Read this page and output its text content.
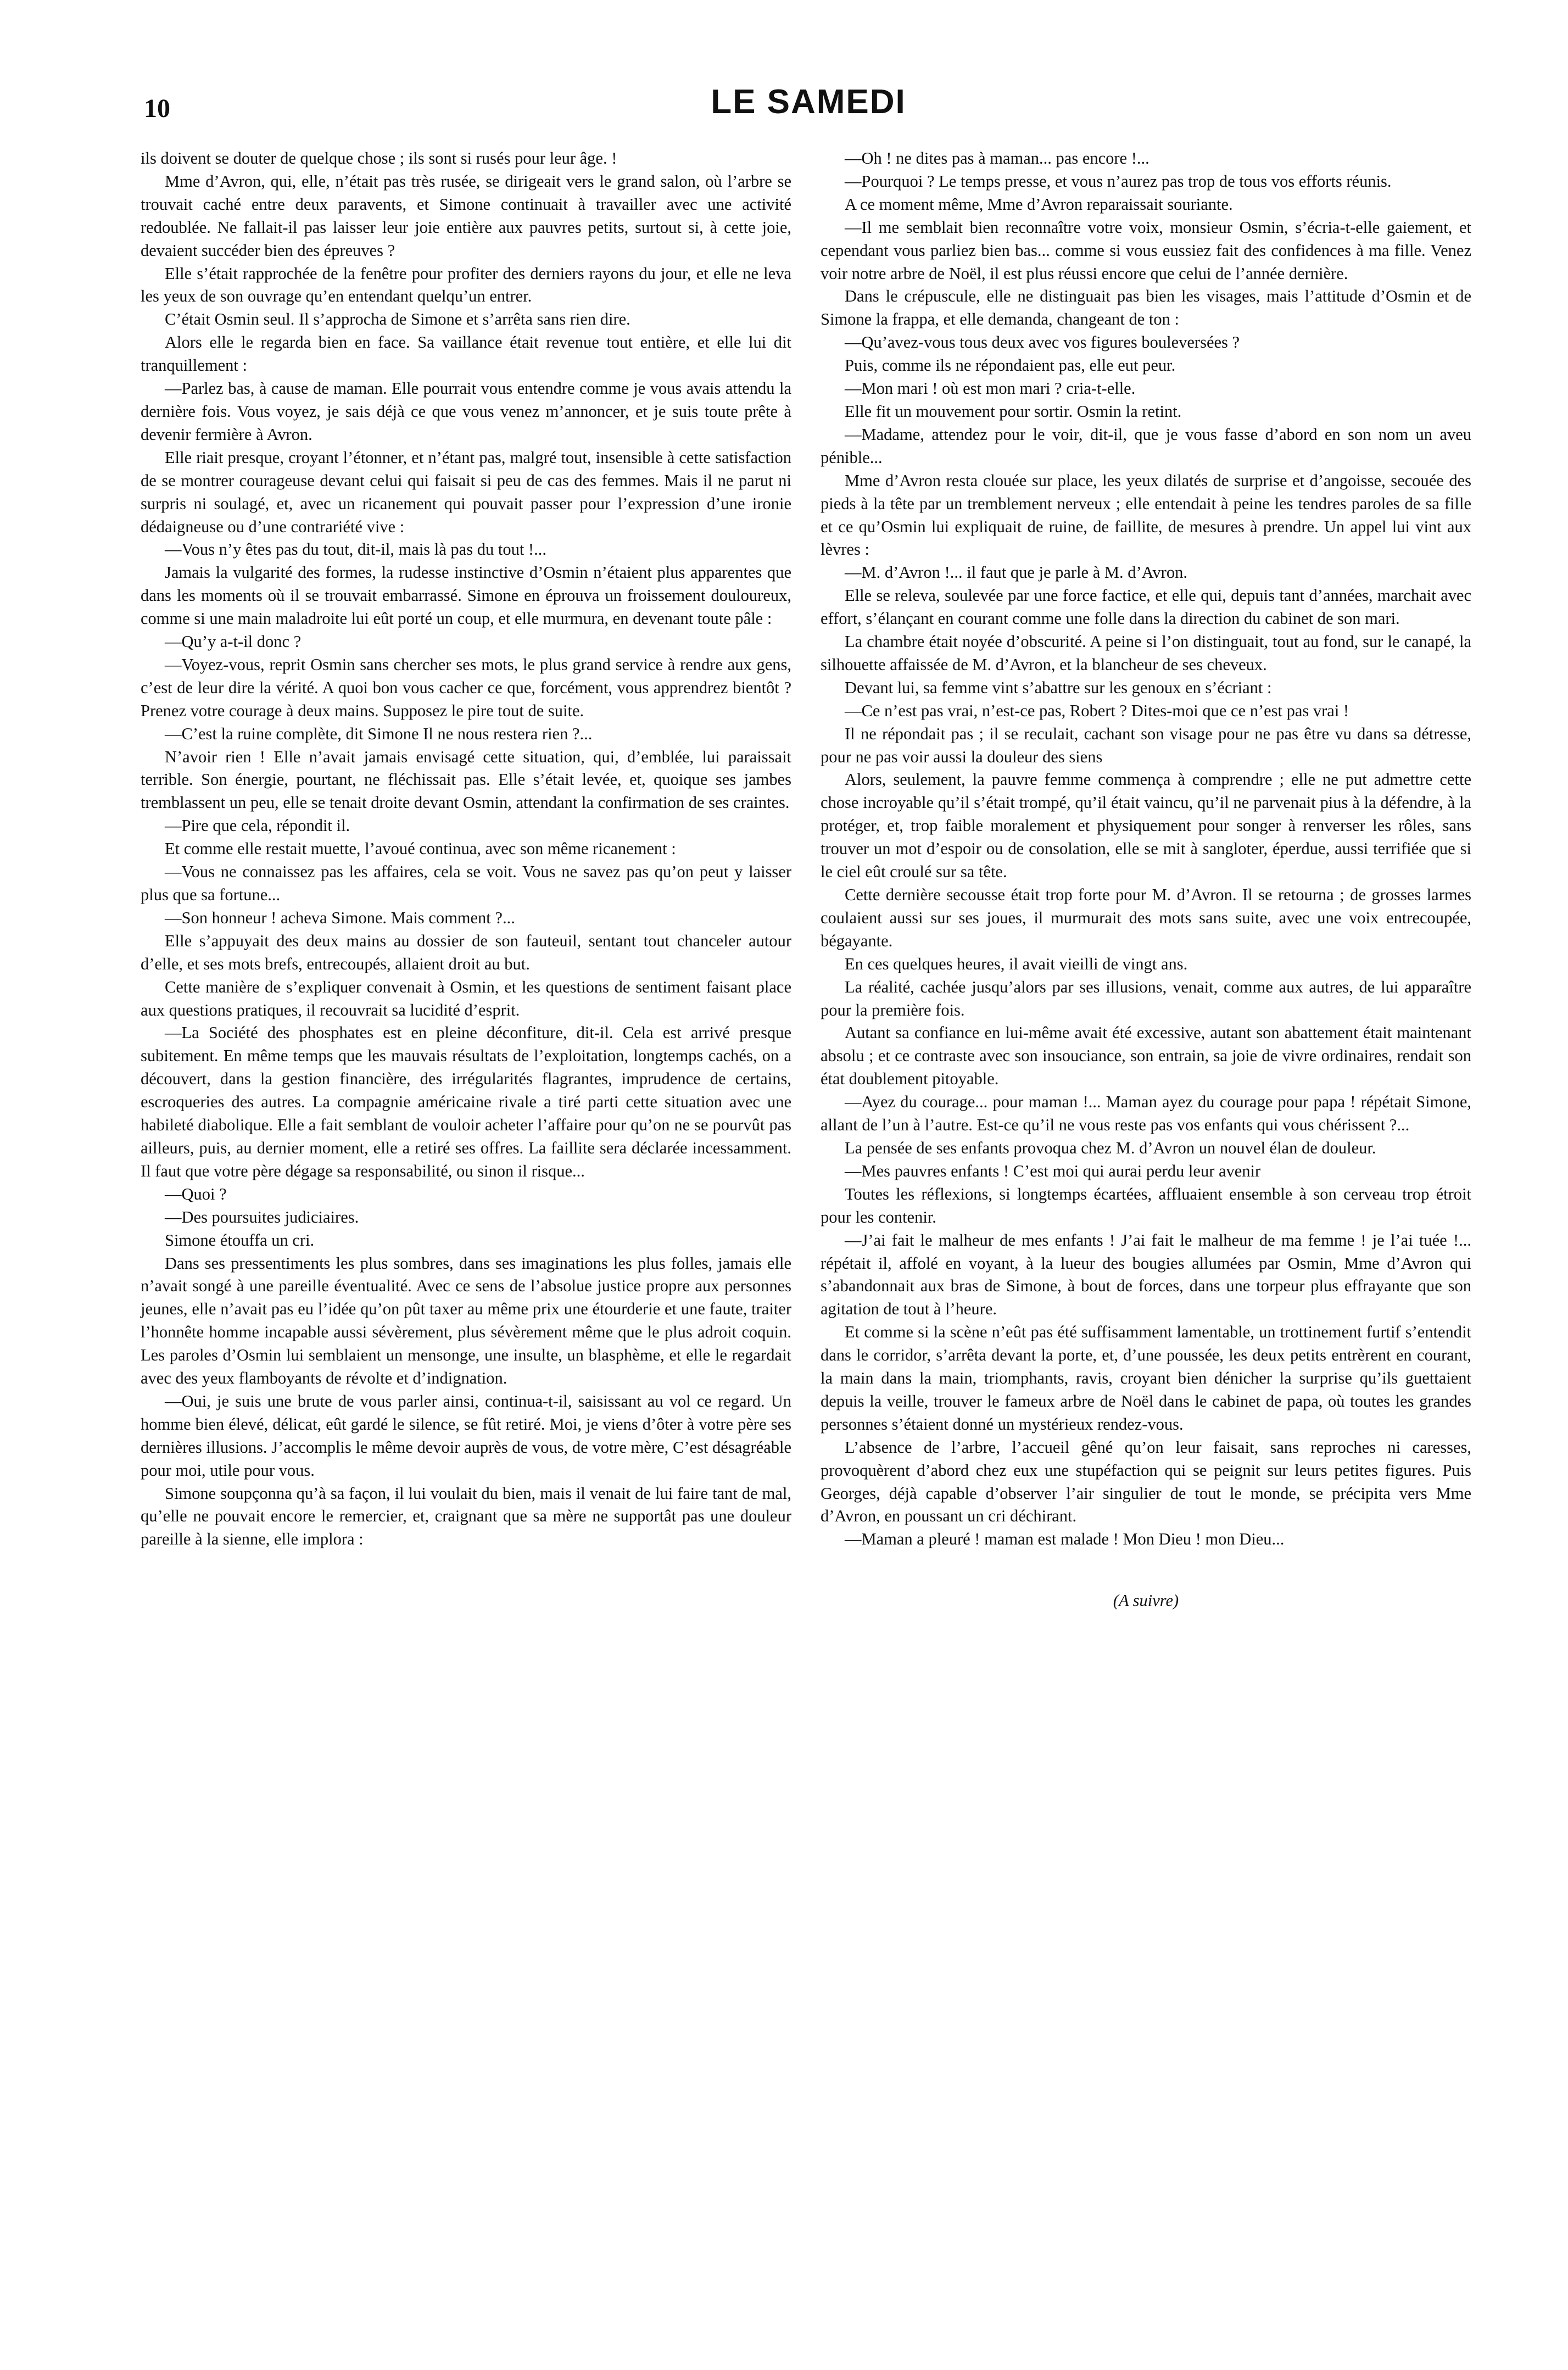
10	LE SAMEDI

ils doivent se douter de quelque chose ; ils sont si rusés pour leur âge. !

Mme d’Avron, qui, elle, n’était pas très rusée, se dirigeait vers le grand salon, où l’arbre se trouvait caché entre deux paravents, et Simone continuait à travailler avec une activité redoublée. Ne fallait-il pas laisser leur joie entière aux pauvres petits, surtout si, à cette joie, devaient succéder bien des épreuves ?

Elle s’était rapprochée de la fenêtre pour profiter des derniers rayons du jour, et elle ne leva les yeux de son ouvrage qu’en entendant quelqu’un entrer.

C’était Osmin seul. Il s’approcha de Simone et s’arrêta sans rien dire.

Alors elle le regarda bien en face. Sa vaillance était revenue tout entière, et elle lui dit tranquillement :

—Parlez bas, à cause de maman. Elle pourrait vous entendre comme je vous avais attendu la dernière fois. Vous voyez, je sais déjà ce que vous venez m’annoncer, et je suis toute prête à devenir fermière à Avron.

Elle riait presque, croyant l’étonner, et n’étant pas, malgré tout, insensible à cette satisfaction de se montrer courageuse devant celui qui faisait si peu de cas des femmes. Mais il ne parut ni surpris ni soulagé, et, avec un ricanement qui pouvait passer pour l’expression d’une ironie dédaigneuse ou d’une contrariété vive :

—Vous n’y êtes pas du tout, dit-il, mais là pas du tout !...

Jamais la vulgarité des formes, la rudesse instinctive d’Osmin n’étaient plus apparentes que dans les moments où il se trouvait embarrassé. Simone en éprouva un froissement douloureux, comme si une main maladroite lui eût porté un coup, et elle murmura, en devenant toute pâle :

—Qu’y a-t-il donc ?

—Voyez-vous, reprit Osmin sans chercher ses mots, le plus grand service à rendre aux gens, c’est de leur dire la vérité. A quoi bon vous cacher ce que, forcément, vous apprendrez bientôt ? Prenez votre courage à deux mains. Supposez le pire tout de suite.

—C’est la ruine complète, dit Simone Il ne nous restera rien ?...

N’avoir rien ! Elle n’avait jamais envisagé cette situation, qui, d’emblée, lui paraissait terrible. Son énergie, pourtant, ne fléchissait pas. Elle s’était levée, et, quoique ses jambes tremblassent un peu, elle se tenait droite devant Osmin, attendant la confirmation de ses craintes.

—Pire que cela, répondit il.

Et comme elle restait muette, l’avoué continua, avec son même ricanement :

—Vous ne connaissez pas les affaires, cela se voit. Vous ne savez pas qu’on peut y laisser plus que sa fortune...

—Son honneur ! acheva Simone. Mais comment ?...

Elle s’appuyait des deux mains au dossier de son fauteuil, sentant tout chanceler autour d’elle, et ses mots brefs, entrecoupés, allaient droit au but.

Cette manière de s’expliquer convenait à Osmin, et les questions de sentiment faisant place aux questions pratiques, il recouvrait sa lucidité d’esprit.

—La Société des phosphates est en pleine déconfiture, dit-il. Cela est arrivé presque subitement. En même temps que les mauvais résultats de l’exploitation, longtemps cachés, on a découvert, dans la gestion financière, des irrégularités flagrantes, imprudence de certains, escroqueries des autres. La compagnie américaine rivale a tiré parti cette situation avec une habileté diabolique. Elle a fait semblant de vouloir acheter l’affaire pour qu’on ne se pourvût pas ailleurs, puis, au dernier moment, elle a retiré ses offres. La faillite sera déclarée incessamment. Il faut que votre père dégage sa responsabilité, ou sinon il risque...

—Quoi ?

—Des poursuites judiciaires.

Simone étouffa un cri.

Dans ses pressentiments les plus sombres, dans ses imaginations les plus folles, jamais elle n’avait songé à une pareille éventualité. Avec ce sens de l’absolue justice propre aux personnes jeunes, elle n’avait pas eu l’idée qu’on pût taxer au même prix une étourderie et une faute, traiter l’honnête homme incapable aussi sévèrement, plus sévèrement même que le plus adroit coquin. Les paroles d’Osmin lui semblaient un mensonge, une insulte, un blasphème, et elle le regardait avec des yeux flamboyants de révolte et d’indignation.

—Oui, je suis une brute de vous parler ainsi, continua-t-il, saisissant au vol ce regard. Un homme bien élevé, délicat, eût gardé le silence, se fût retiré. Moi, je viens d’ôter à votre père ses dernières illusions. J’accomplis le même devoir auprès de vous, de votre mère, C’est désagréable pour moi, utile pour vous.

Simone soupçonna qu’à sa façon, il lui voulait du bien, mais il venait de lui faire tant de mal, qu’elle ne pouvait encore le remercier, et, craignant que sa mère ne supportât pas une douleur pareille à la sienne, elle implora :

—Oh ! ne dites pas à maman... pas encore !...

—Pourquoi ? Le temps presse, et vous n’aurez pas trop de tous vos efforts réunis.

A ce moment même, Mme d’Avron reparaissait souriante.

—Il me semblait bien reconnaître votre voix, monsieur Osmin, s’écria-t-elle gaiement, et cependant vous parliez bien bas... comme si vous eussiez fait des confidences à ma fille. Venez voir notre arbre de Noël, il est plus réussi encore que celui de l’année dernière.

Dans le crépuscule, elle ne distinguait pas bien les visages, mais l’attitude d’Osmin et de Simone la frappa, et elle demanda, changeant de ton :

—Qu’avez-vous tous deux avec vos figures bouleversées ?

Puis, comme ils ne répondaient pas, elle eut peur.

—Mon mari ! où est mon mari ? cria-t-elle.

Elle fit un mouvement pour sortir. Osmin la retint.

—Madame, attendez pour le voir, dit-il, que je vous fasse d’abord en son nom un aveu pénible...

Mme d’Avron resta clouée sur place, les yeux dilatés de surprise et d’angoisse, secouée des pieds à la tête par un tremblement nerveux ; elle entendait à peine les tendres paroles de sa fille et ce qu’Osmin lui expliquait de ruine, de faillite, de mesures à prendre. Un appel lui vint aux lèvres :

—M. d’Avron !... il faut que je parle à M. d’Avron.

Elle se releva, soulevée par une force factice, et elle qui, depuis tant d’années, marchait avec effort, s’élançant en courant comme une folle dans la direction du cabinet de son mari.

La chambre était noyée d’obscurité. A peine si l’on distinguait, tout au fond, sur le canapé, la silhouette affaissée de M. d’Avron, et la blancheur de ses cheveux.

Devant lui, sa femme vint s’abattre sur les genoux en s’écriant :

—Ce n’est pas vrai, n’est-ce pas, Robert ? Dites-moi que ce n’est pas vrai !

Il ne répondait pas ; il se reculait, cachant son visage pour ne pas être vu dans sa détresse, pour ne pas voir aussi la douleur des siens

Alors, seulement, la pauvre femme commença à comprendre ; elle ne put admettre cette chose incroyable qu’il s’était trompé, qu’il était vaincu, qu’il ne parvenait pius à la défendre, à la protéger, et, trop faible moralement et physiquement pour songer à renverser les rôles, sans trouver un mot d’espoir ou de consolation, elle se mit à sangloter, éperdue, aussi terrifiée que si le ciel eût croulé sur sa tête.

Cette dernière secousse était trop forte pour M. d’Avron. Il se retourna ; de grosses larmes coulaient aussi sur ses joues, il murmurait des mots sans suite, avec une voix entrecoupée, bégayante.

En ces quelques heures, il avait vieilli de vingt ans.

La réalité, cachée jusqu’alors par ses illusions, venait, comme aux autres, de lui apparaître pour la première fois.

Autant sa confiance en lui-même avait été excessive, autant son abattement était maintenant absolu ; et ce contraste avec son insouciance, son entrain, sa joie de vivre ordinaires, rendait son état doublement pitoyable.

—Ayez du courage... pour maman !... Maman ayez du courage pour papa ! répétait Simone, allant de l’un à l’autre. Est-ce qu’il ne vous reste pas vos enfants qui vous chérissent ?...

La pensée de ses enfants provoqua chez M. d’Avron un nouvel élan de douleur.

—Mes pauvres enfants ! C’est moi qui aurai perdu leur avenir

Toutes les réflexions, si longtemps écartées, affluaient ensemble à son cerveau trop étroit pour les contenir.

—J’ai fait le malheur de mes enfants ! J’ai fait le malheur de ma femme ! je l’ai tuée !... répétait il, affolé en voyant, à la lueur des bougies allumées par Osmin, Mme d’Avron qui s’abandonnait aux bras de Simone, à bout de forces, dans une torpeur plus effrayante que son agitation de tout à l’heure.

Et comme si la scène n’eût pas été suffisamment lamentable, un trottinement furtif s’entendit dans le corridor, s’arrêta devant la porte, et, d’une poussée, les deux petits entrèrent en courant, la main dans la main, triomphants, ravis, croyant bien dénicher la surprise qu’ils guettaient depuis la veille, trouver le fameux arbre de Noël dans le cabinet de papa, où toutes les grandes personnes s’étaient donné un mystérieux rendez-vous.

L’absence de l’arbre, l’accueil gêné qu’on leur faisait, sans reproches ni caresses, provoquèrent d’abord chez eux une stupéfaction qui se peignit sur leurs petites figures. Puis Georges, déjà capable d’observer l’air singulier de tout le monde, se précipita vers Mme d’Avron, en poussant un cri déchirant.

—Maman a pleuré ! maman est malade ! Mon Dieu ! mon Dieu...

(A suivre)
